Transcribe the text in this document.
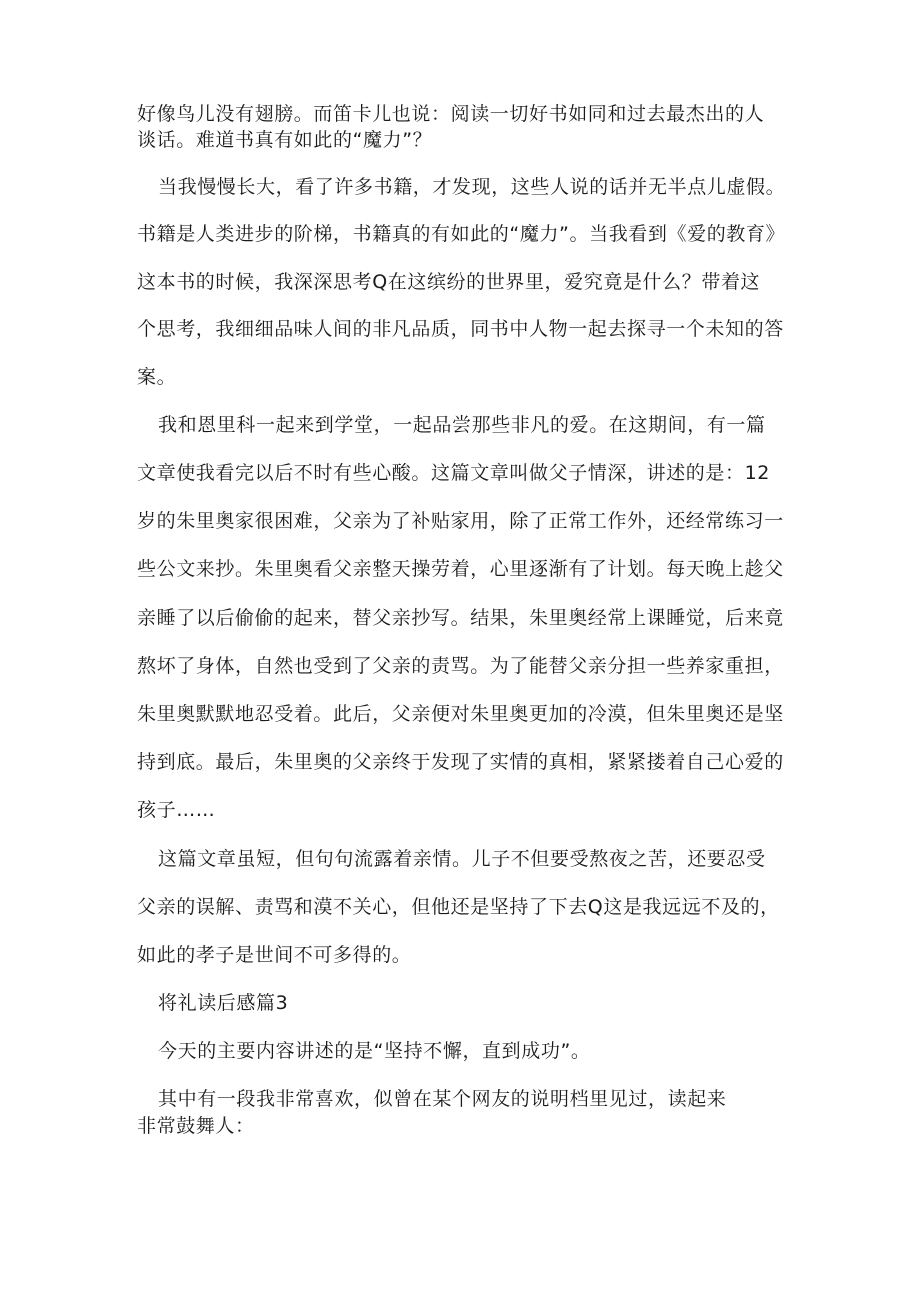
好像鸟儿没有翅膀。而笛卡儿也说：阅读一切好书如同和过去最杰出的人
谈话。难道书真有如此的“魔力”？
当我慢慢长大，看了许多书籍，才发现，这些人说的话并无半点儿虚假。
书籍是人类进步的阶梯，书籍真的有如此的“魔力”。当我看到《爱的教育》
这本书的时候，我深深思考Q在这缤纷的世界里，爱究竟是什么？带着这
个思考，我细细品味人间的非凡品质，同书中人物一起去探寻一个未知的答
案。
我和恩里科一起来到学堂，一起品尝那些非凡的爱。在这期间，有一篇
文章使我看完以后不时有些心酸。这篇文章叫做父子情深，讲述的是：12
岁的朱里奥家很困难，父亲为了补贴家用，除了正常工作外，还经常练习一
些公文来抄。朱里奥看父亲整天操劳着，心里逐渐有了计划。每天晚上趁父
亲睡了以后偷偷的起来，替父亲抄写。结果，朱里奥经常上课睡觉，后来竟
熬坏了身体，自然也受到了父亲的责骂。为了能替父亲分担一些养家重担，
朱里奥默默地忍受着。此后，父亲便对朱里奥更加的冷漠，但朱里奥还是坚
持到底。最后，朱里奥的父亲终于发现了实情的真相，紧紧搂着自己心爱的
孩子……
这篇文章虽短，但句句流露着亲情。儿子不但要受熬夜之苦，还要忍受
父亲的误解、责骂和漠不关心，但他还是坚持了下去Q这是我远远不及的，
如此的孝子是世间不可多得的。
将礼读后感篇3
今天的主要内容讲述的是“坚持不懈，直到成功”。
其中有一段我非常喜欢，似曾在某个网友的说明档里见过，读起来
非常鼓舞人：
